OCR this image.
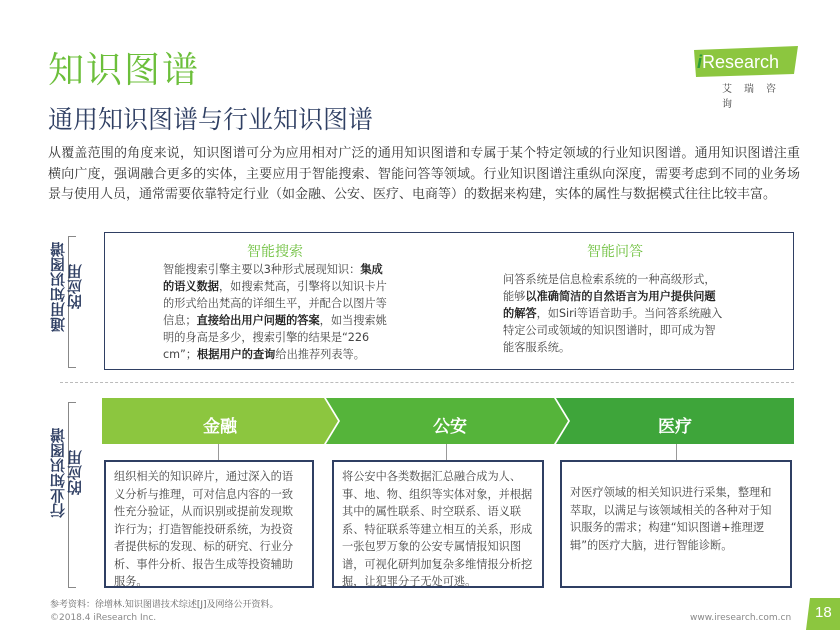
知识图谱
通用知识图谱与行业知识图谱
iResearch
艾瑞咨询
从覆盖范围的角度来说，知识图谱可分为应用相对广泛的通用知识图谱和专属于某个特定领域的行业知识图谱。通用知识图谱注重横向广度，强调融合更多的实体，主要应用于智能搜索、智能问答等领域。行业知识图谱注重纵向深度，需要考虑到不同的业务场景与使用人员，通常需要依靠特定行业（如金融、公安、医疗、电商等）的数据来构建，实体的属性与数据模式往往比较丰富。
通用知识图谱 的应用
智能搜索
智能搜索引擎主要以3种形式展现知识：集成的语义数据，如搜索梵高，引擎将以知识卡片的形式给出梵高的详细生平，并配合以图片等信息；直接给出用户问题的答案，如当搜索姚明的身高是多少，搜索引擎的结果是“226 cm”；根据用户的查询给出推荐列表等。
智能问答
问答系统是信息检索系统的一种高级形式，能够以准确简洁的自然语言为用户提供问题的解答，如Siri等语音助手。当问答系统融入特定公司或领域的知识图谱时，即可成为智能客服系统。
行业知识图谱 的应用
金融	公安	医疗
组织相关的知识碎片，通过深入的语义分析与推理，可对信息内容的一致性充分验证，从而识别或提前发现欺诈行为；打造智能投研系统，为投资者提供标的发现、标的研究、行业分析、事件分析、报告生成等投资辅助服务。
将公安中各类数据汇总融合成为人、事、地、物、组织等实体对象，并根据其中的属性联系、时空联系、语义联系、特征联系等建立相互的关系，形成一张包罗万象的公安专属情报知识图谱，可视化研判加复杂多维情报分析挖掘，让犯罪分子无处可逃。
对医疗领域的相关知识进行采集，整理和萃取，以满足与该领域相关的各种对于知识服务的需求；构建“知识图谱+推理逻辑”的医疗大脑，进行智能诊断。
参考资料：徐增林.知识图谱技术综述[J]及网络公开资料。
©2018.4 iResearch Inc.	www.iresearch.com.cn 18
